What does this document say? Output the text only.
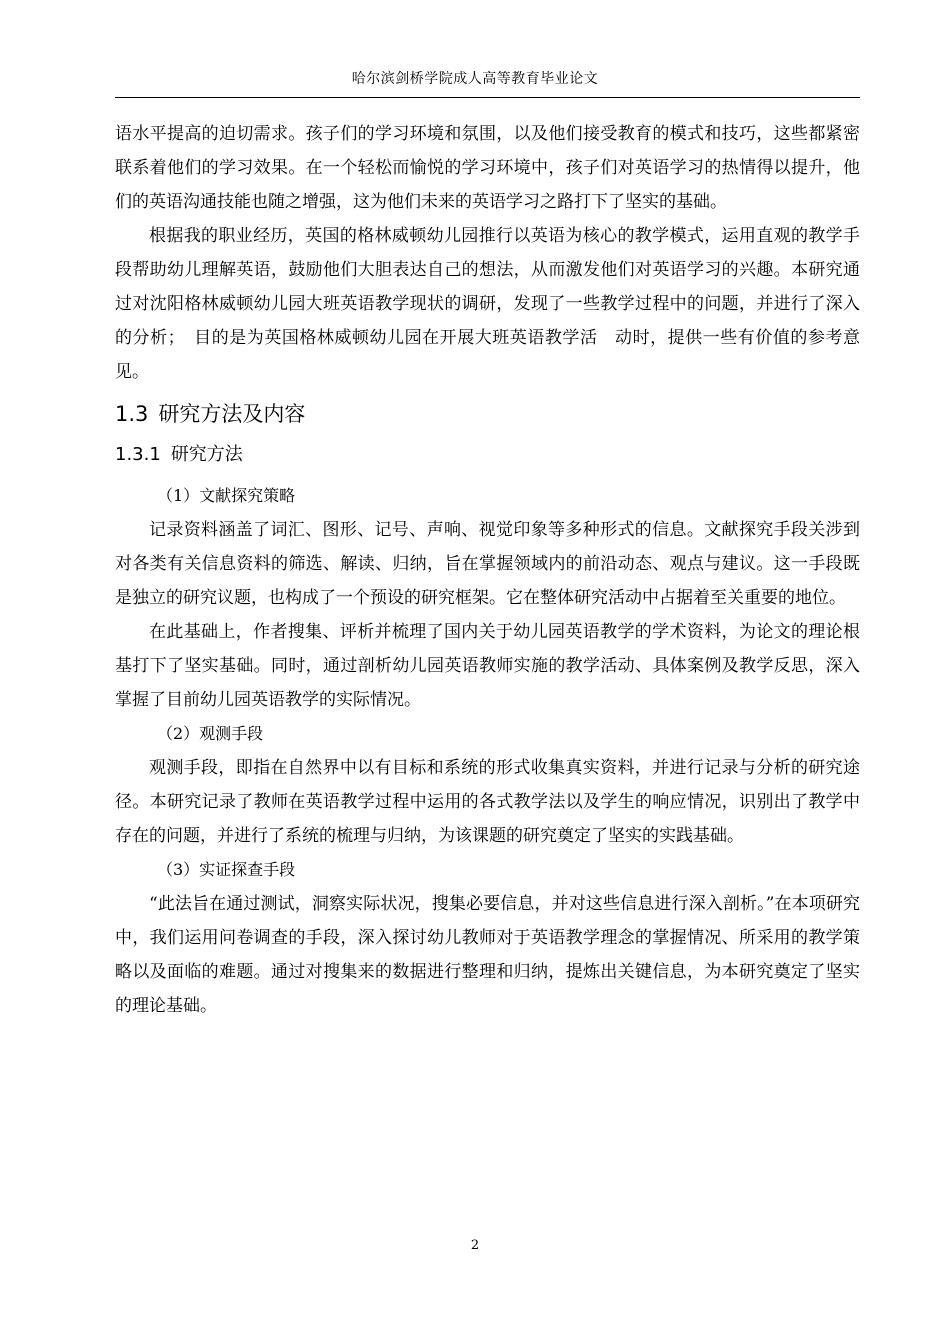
哈尔滨剑桥学院成人高等教育毕业论文

语水平提高的迫切需求。孩子们的学习环境和氛围，以及他们接受教育的模式和技巧，这些都紧密联系着他们的学习效果。在一个轻松而愉悦的学习环境中，孩子们对英语学习的热情得以提升，他们的英语沟通技能也随之增强，这为他们未来的英语学习之路打下了坚实的基础。

根据我的职业经历，英国的格林威顿幼儿园推行以英语为核心的教学模式，运用直观的教学手段帮助幼儿理解英语，鼓励他们大胆表达自己的想法，从而激发他们对英语学习的兴趣。本研究通过对沈阳格林威顿幼儿园大班英语教学现状的调研，发现了一些教学过程中的问题，并进行了深入的分析；　目的是为英国格林威顿幼儿园在开展大班英语教学活　动时，提供一些有价值的参考意见。

1.3 研究方法及内容
1.3.1 研究方法

（1）文献探究策略

记录资料涵盖了词汇、图形、记号、声响、视觉印象等多种形式的信息。文献探究手段关涉到对各类有关信息资料的筛选、解读、归纳，旨在掌握领域内的前沿动态、观点与建议。这一手段既是独立的研究议题，也构成了一个预设的研究框架。它在整体研究活动中占据着至关重要的地位。

在此基础上，作者搜集、评析并梳理了国内关于幼儿园英语教学的学术资料，为论文的理论根基打下了坚实基础。同时，通过剖析幼儿园英语教师实施的教学活动、具体案例及教学反思，深入掌握了目前幼儿园英语教学的实际情况。

（2）观测手段

观测手段，即指在自然界中以有目标和系统的形式收集真实资料，并进行记录与分析的研究途径。本研究记录了教师在英语教学过程中运用的各式教学法以及学生的响应情况，识别出了教学中存在的问题，并进行了系统的梳理与归纳，为该课题的研究奠定了坚实的实践基础。

（3）实证探查手段

“此法旨在通过测试，洞察实际状况，搜集必要信息，并对这些信息进行深入剖析。”在本项研究中，我们运用问卷调查的手段，深入探讨幼儿教师对于英语教学理念的掌握情况、所采用的教学策略以及面临的难题。通过对搜集来的数据进行整理和归纳，提炼出关键信息，为本研究奠定了坚实的理论基础。

2
